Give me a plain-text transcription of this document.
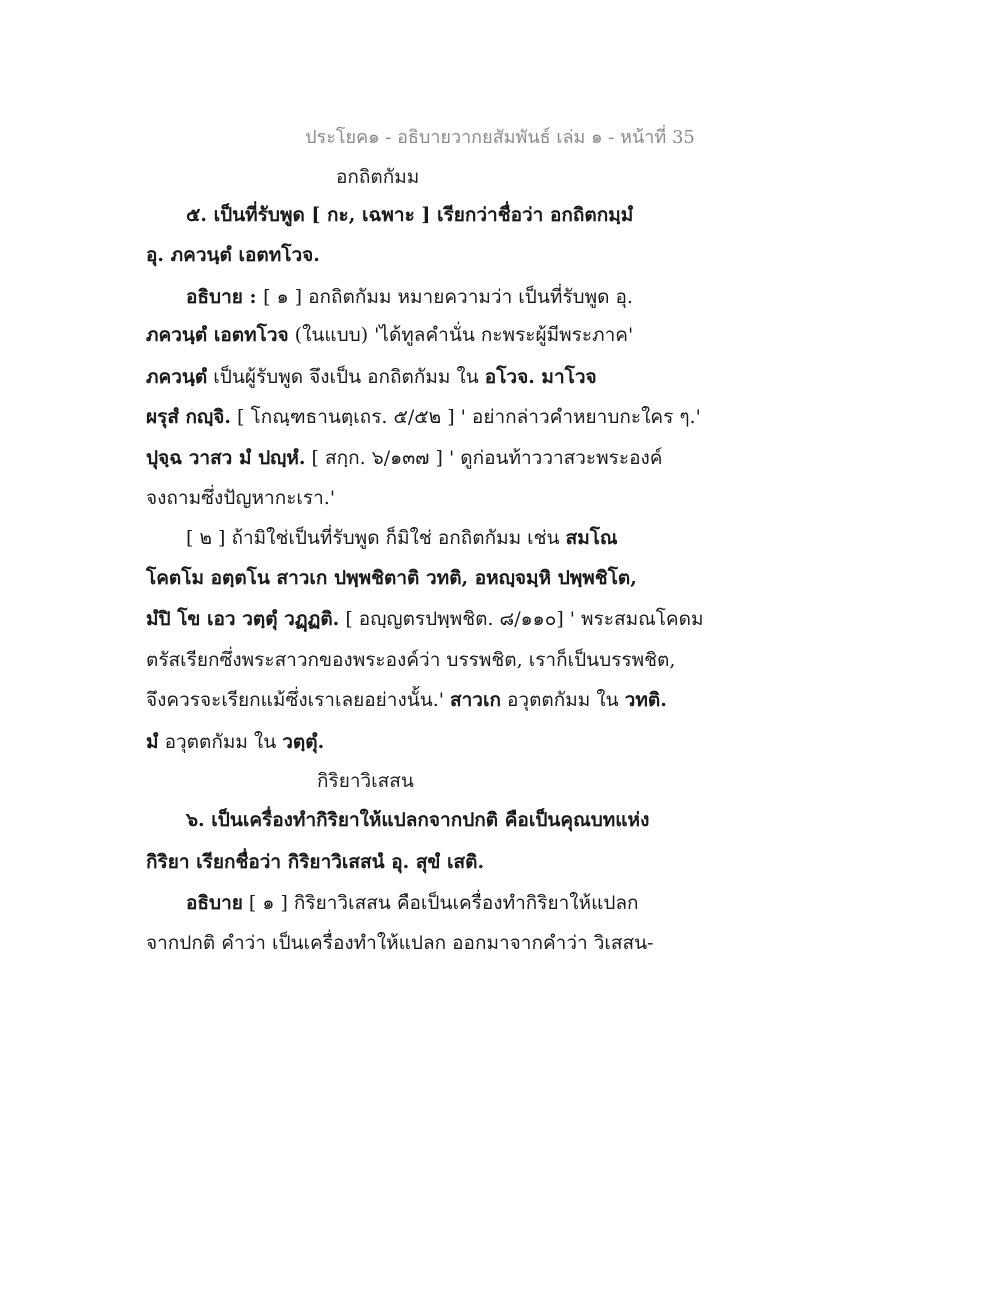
ประโยค๑ - อธิบายวากยสัมพันธ์ เล่ม ๑ - หน้าที่ 35
อกถิตกัมม
๕. เป็นที่รับพูด [ กะ, เฉพาะ ] เรียกว่าชื่อว่า อกถิตกมฺมํ
อุ. ภควนฺตํ เอตทโวจ.
อธิบาย : [ ๑ ] อกถิตกัมม หมายความว่า เป็นที่รับพูด อุ.
ภควนฺตํ เอตทโวจ (ในแบบ) 'ได้ทูลคำนั่น กะพระผู้มีพระภาค'
ภควนฺตํ เป็นผู้รับพูด จึงเป็น อกถิตกัมม ใน อโวจ. มาโวจ
ผรุสํ กญฺจิ. [ โกณฺฑธานตฺเถร. ๕/๕๒ ] ' อย่ากล่าวคำหยาบกะใคร ๆ.'
ปุจฺฉ วาสว มํ ปญฺหํ. [ สกฺก. ๖/๑๓๗ ] ' ดูก่อนท้าววาสวะพระองค์
จงถามซึ่งปัญหากะเรา.'
[ ๒ ] ถ้ามิใช่เป็นที่รับพูด ก็มิใช่ อกถิตกัมม เช่น สมโณ
โคตโม อตฺตโน สาวเก ปพฺพชิตาติ วทติ, อหญฺจมฺหิ ปพฺพชิโต,
มํปิ โข เอว วตฺตุํ วฏฺฏติ. [ อญฺญตรปพฺพชิต. ๘/๑๑๐] ' พระสมณโคดม
ตรัสเรียกซึ่งพระสาวกของพระองค์ว่า บรรพชิต, เราก็เป็นบรรพชิต,
จึงควรจะเรียกแม้ซึ่งเราเลยอย่างนั้น.' สาวเก อวุตตกัมม ใน วทติ.
มํ อวุตตกัมม ใน วตฺตุํ.
กิริยาวิเสสน
๖. เป็นเครื่องทำกิริยาให้แปลกจากปกติ คือเป็นคุณบทแห่ง
กิริยา เรียกชื่อว่า กิริยาวิเสสนํ อุ. สุขํ เสติ.
อธิบาย [ ๑ ] กิริยาวิเสสน คือเป็นเครื่องทำกิริยาให้แปลก
จากปกติ คำว่า เป็นเครื่องทำให้แปลก ออกมาจากคำว่า วิเสสน-
